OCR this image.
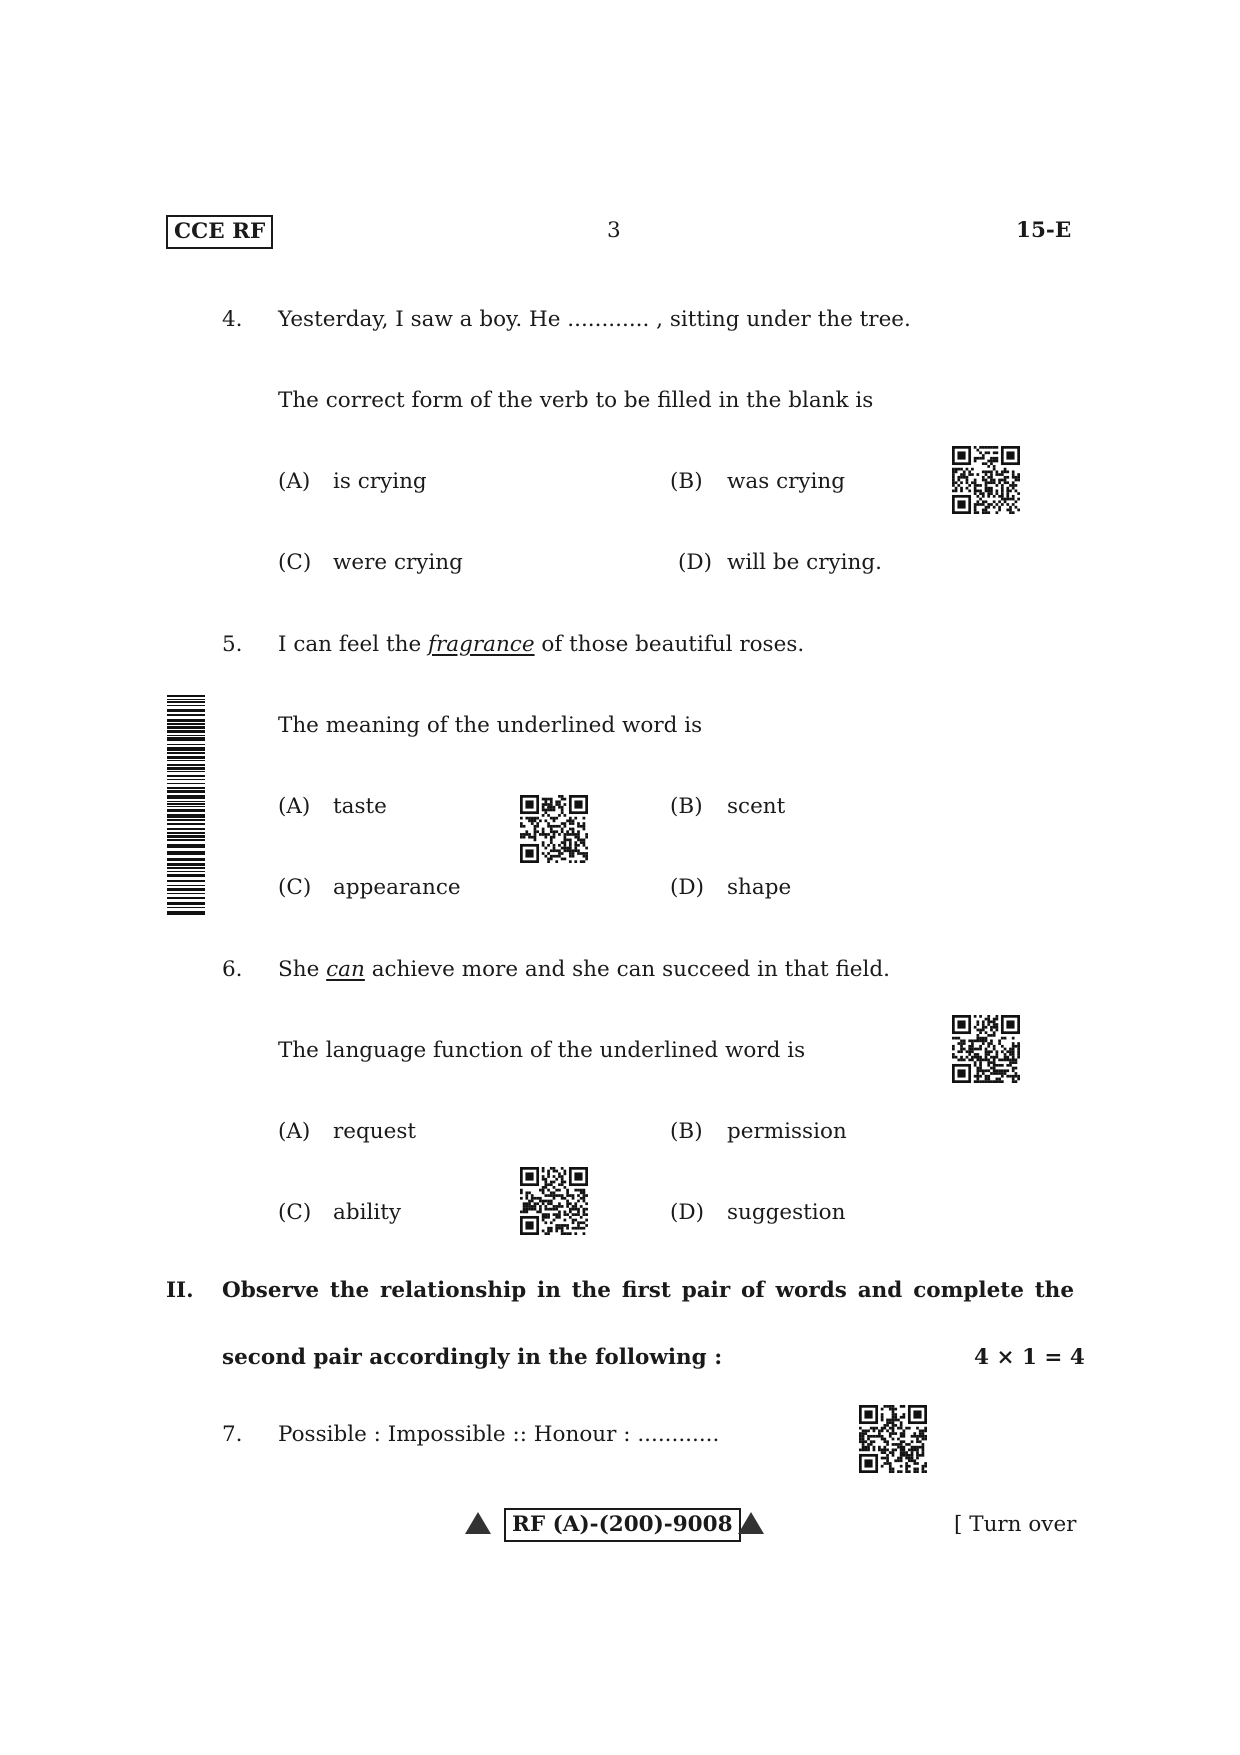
CCE RF	3	15-E
4. Yesterday, I saw a boy. He ............ , sitting under the tree.
The correct form of the verb to be filled in the blank is
(A) is crying	(B) was crying
(C) were crying	(D) will be crying.
5. I can feel the fragrance of those beautiful roses.
The meaning of the underlined word is
(A) taste	(B) scent
(C) appearance	(D) shape
6. She can achieve more and she can succeed in that field.
The language function of the underlined word is
(A) request	(B) permission
(C) ability	(D) suggestion
II. Observe the relationship in the first pair of words and complete the
second pair accordingly in the following :	4 × 1 = 4
7. Possible : Impossible :: Honour : ............
RF (A)-(200)-9008	[ Turn over
